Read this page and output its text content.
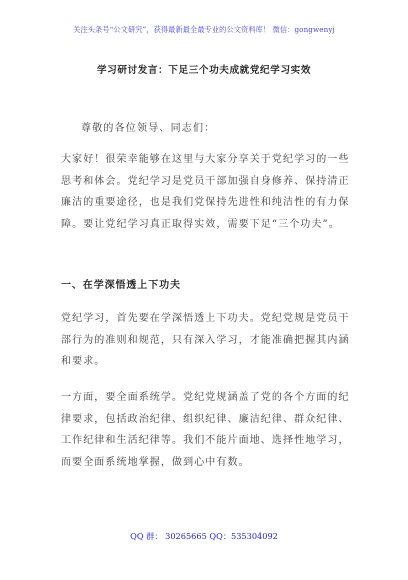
关注头条号“公文研究”，获得最新最全最专业的公文资料库！ 微信：gongwenyj
学习研讨发言：下足三个功夫成就党纪学习实效
尊敬的各位领导、同志们：

大家好！很荣幸能够在这里与大家分享关于党纪学习的一些思考和体会。党纪学习是党员干部加强自身修养、保持清正廉洁的重要途径，也是我们党保持先进性和纯洁性的有力保障。要让党纪学习真正取得实效，需要下足“三个功夫”。

一、在学深悟透上下功夫

党纪学习，首先要在学深悟透上下功夫。党纪党规是党员干部行为的准则和规范，只有深入学习，才能准确把握其内涵和要求。

一方面，要全面系统学。党纪党规涵盖了党的各个方面的纪律要求，包括政治纪律、组织纪律、廉洁纪律、群众纪律、工作纪律和生活纪律等。我们不能片面地、选择性地学习，而要全面系统地掌握，做到心中有数。

QQ 群： 30265665 QQ：535304092
